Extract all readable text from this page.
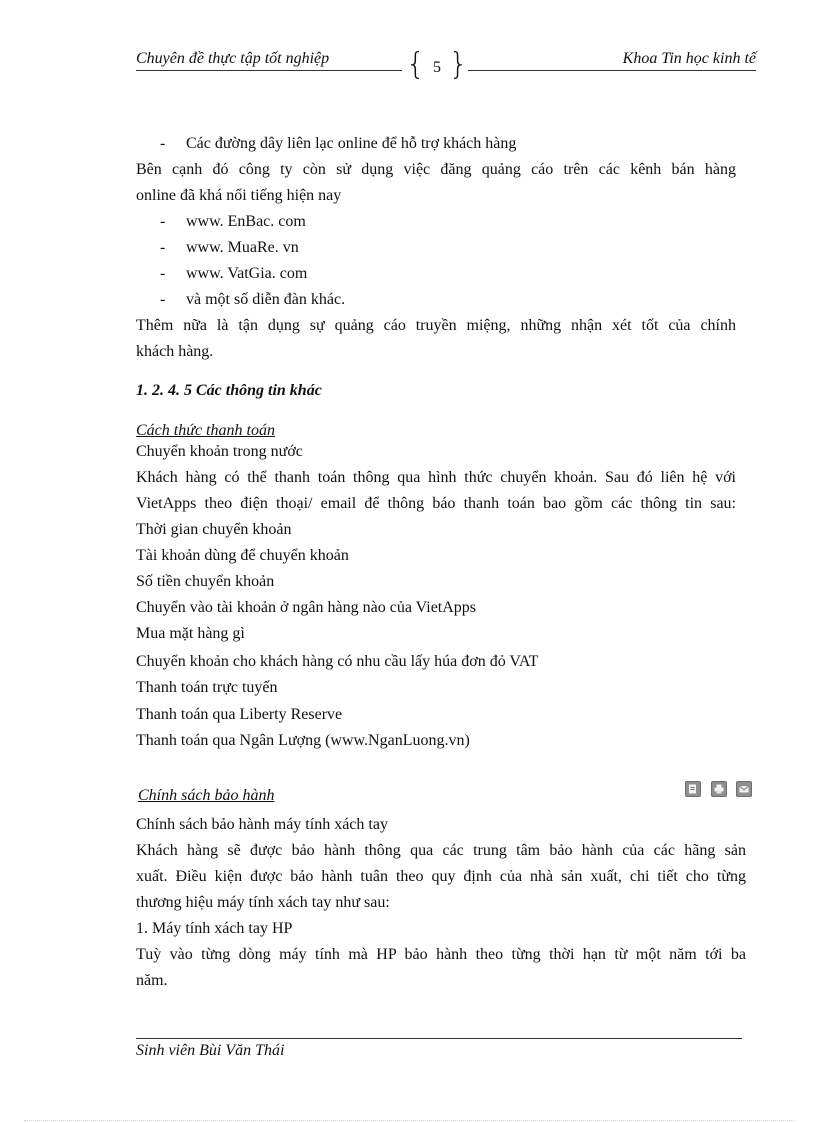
Chuyên đề thực tập tốt nghiệp	{ 5 }	Khoa Tin học kinh tế
- Các đường dây liên lạc online để hỗ trợ khách hàng
Bên cạnh đó công ty còn sử dụng việc đăng quảng cáo trên các kênh bán hàng
online đã khá nổi tiếng hiện nay
- www. EnBac. com
- www. MuaRe. vn
- www. VatGia. com
- và một số diễn đàn khác.
Thêm nữa là tận dụng sự quảng cáo truyền miệng, những nhận xét tốt của chính
khách hàng.
1. 2. 4. 5 Các thông tin khác
Cách thức thanh toán
Chuyển khoản trong nước
Khách hàng có thể thanh toán thông qua hình thức chuyển khoản. Sau đó liên hệ với
VietApps theo điện thoại/ email để thông báo thanh toán bao gồm các thông tin sau:
Thời gian chuyển khoản
Tài khoản dùng để chuyển khoản
Số tiền chuyển khoản
Chuyển vào tài khoản ở ngân hàng nào của VietApps
Mua mặt hàng gì
Chuyển khoản cho khách hàng có nhu cầu lấy húa đơn đỏ VAT
Thanh toán trực tuyến
Thanh toán qua Liberty Reserve
Thanh toán qua Ngân Lượng (www.NganLuong.vn)
Chính sách bảo hành
Chính sách bảo hành máy tính xách tay
Khách hàng sẽ được bảo hành thông qua các trung tâm bảo hành của các hãng sản
xuất. Điều kiện được bảo hành tuân theo quy định của nhà sản xuất, chi tiết cho từng
thương hiệu máy tính xách tay như sau:
1. Máy tính xách tay HP
Tuỳ vào từng dòng máy tính mà HP bảo hành theo từng thời hạn từ một năm tới ba
năm.
Sinh viên Bùi Văn Thái
